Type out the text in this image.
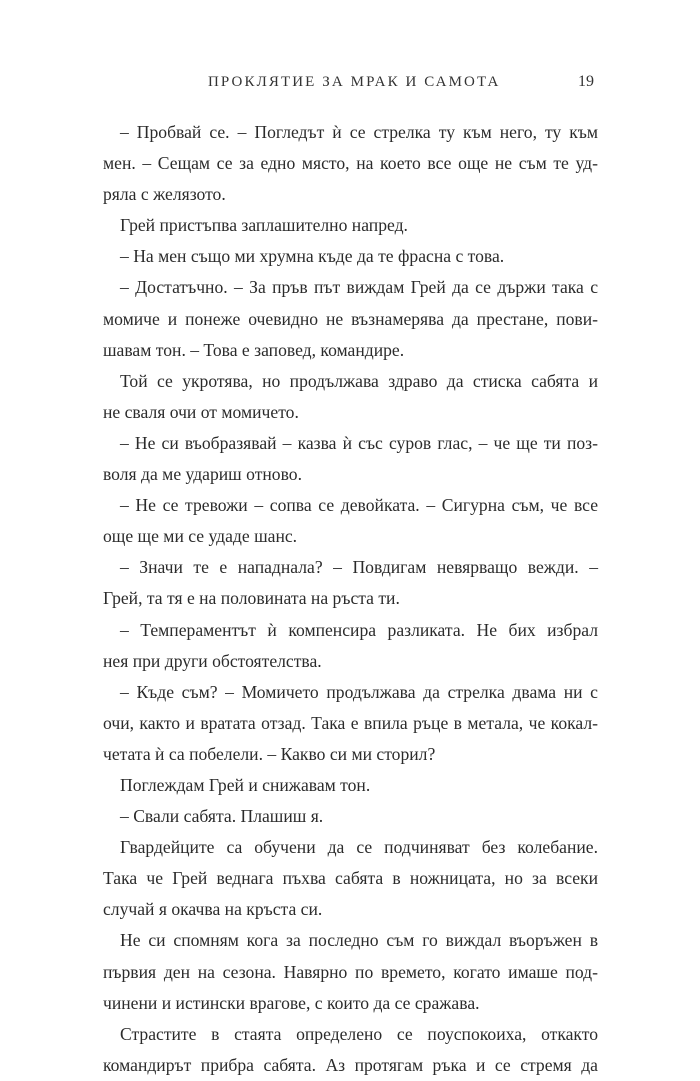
ПРОКЛЯТИЕ ЗА МРАК И САМОТА	19
– Пробвай се. – Погледът ѝ се стрелка ту към него, ту към
мен. – Сещам се за едно място, на което все още не съм те уд-
ряла с желязото.
Грей пристъпва заплашително напред.
– На мен също ми хрумна къде да те фрасна с това.
– Достатъчно. – За пръв път виждам Грей да се държи така с
момиче и понеже очевидно не възнамерява да престане, пови-
шавам тон. – Това е заповед, командире.
Той се укротява, но продължава здраво да стиска сабята и
не сваля очи от момичето.
– Не си въобразявай – казва ѝ със суров глас, – че ще ти поз-
воля да ме удариш отново.
– Не се тревожи – сопва се девойката. – Сигурна съм, че все
още ще ми се удаде шанс.
– Значи те е нападнала? – Повдигам невярващо вежди. –
Грей, та тя е на половината на ръста ти.
– Темпераментът ѝ компенсира разликата. Не бих избрал
нея при други обстоятелства.
– Къде съм? – Момичето продължава да стрелка двама ни с
очи, както и вратата отзад. Така е впила ръце в метала, че кокал-
четата ѝ са побелели. – Какво си ми сторил?
Поглеждам Грей и снижавам тон.
– Свали сабята. Плашиш я.
Гвардейците са обучени да се подчиняват без колебание.
Така че Грей веднага пъхва сабята в ножницата, но за всеки
случай я окачва на кръста си.
Не си спомням кога за последно съм го виждал въоръжен в
първия ден на сезона. Навярно по времето, когато имаше под-
чинени и истински врагове, с които да се сражава.
Страстите в стаята определено се поуспокоиха, откакто
командирът прибра сабята. Аз протягам ръка и се стремя да
